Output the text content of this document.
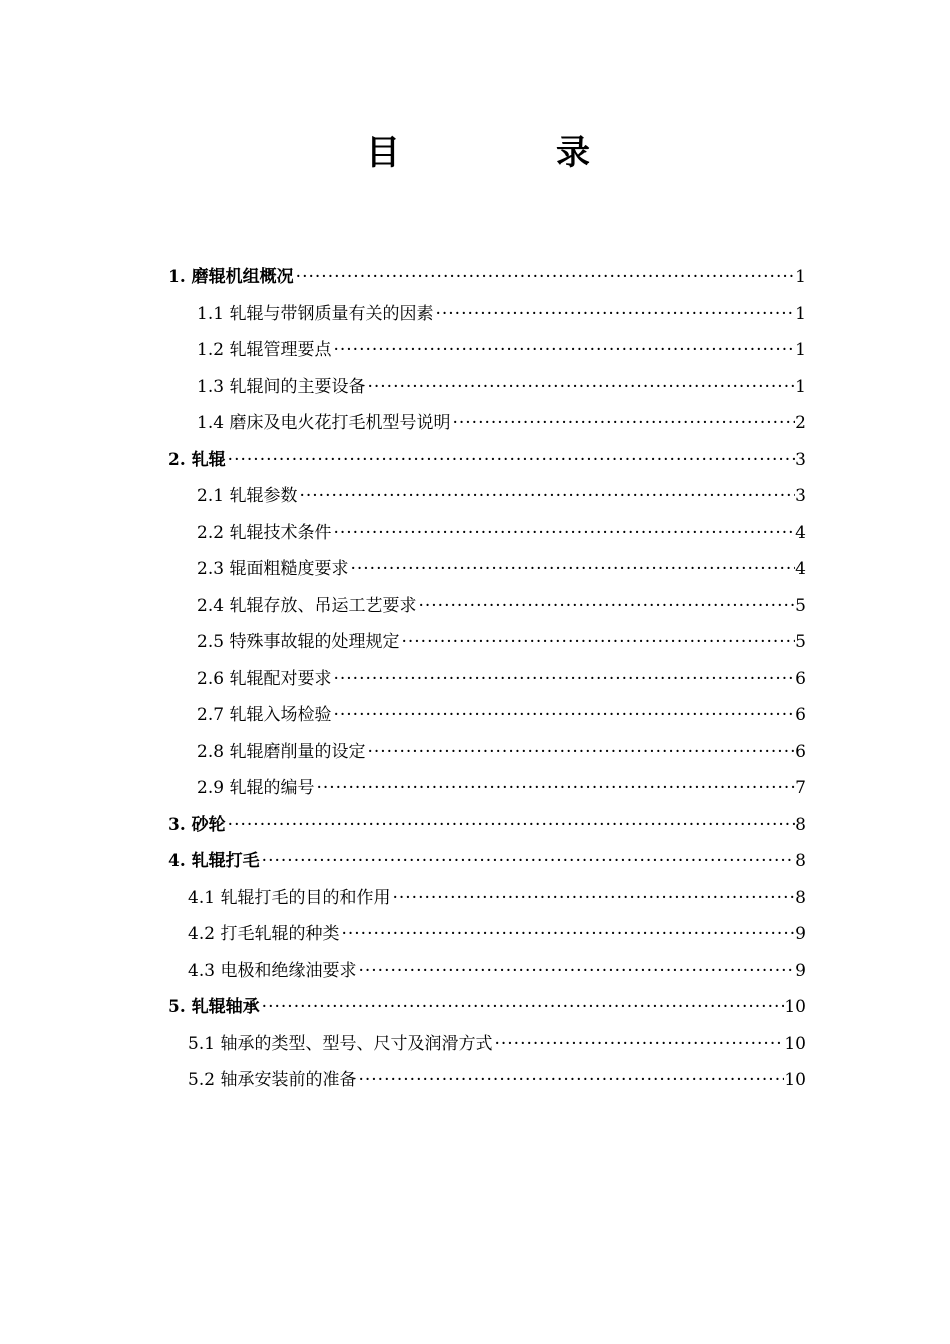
目	录
1. 磨辊机组概况 ·····	1
1.1 轧辊与带钢质量有关的因素 ·····	1
1.2 轧辊管理要点 ·····	1
1.3 轧辊间的主要设备 ·····	1
1.4 磨床及电火花打毛机型号说明 ·····	2
2. 轧辊 ·····	3
2.1 轧辊参数 ·····	3
2.2 轧辊技术条件 ·····	4
2.3 辊面粗糙度要求 ·····	4
2.4 轧辊存放、吊运工艺要求 ·····	5
2.5 特殊事故辊的处理规定 ·····	5
2.6 轧辊配对要求 ·····	6
2.7 轧辊入场检验 ·····	6
2.8 轧辊磨削量的设定 ·····	6
2.9 轧辊的编号 ·····	7
3. 砂轮 ·····	8
4. 轧辊打毛 ·····	8
4.1 轧辊打毛的目的和作用 ·····	8
4.2 打毛轧辊的种类 ·····	9
4.3 电极和绝缘油要求 ·····	9
5. 轧辊轴承 ·····	10
5.1 轴承的类型、型号、尺寸及润滑方式 ·····	10
5.2 轴承安装前的准备 ·····	10
